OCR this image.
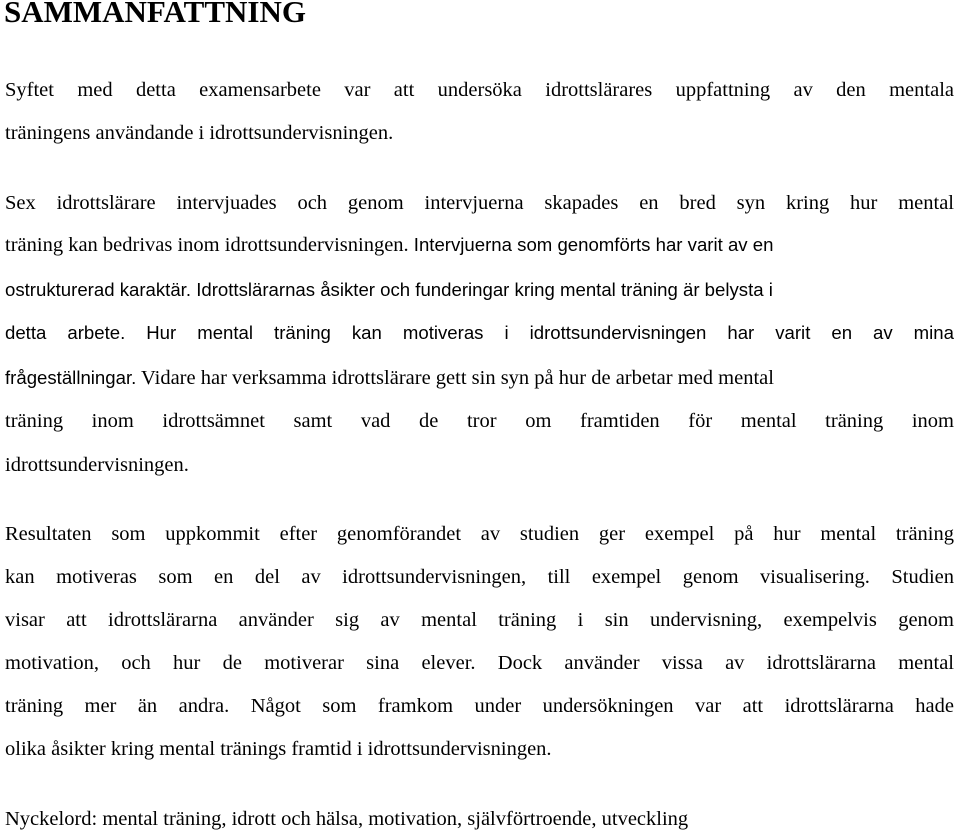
SAMMANFATTNING
Syftet med detta examensarbete var att undersöka idrottslärares uppfattning av den mentala
träningens användande i idrottsundervisningen.
Sex idrottslärare intervjuades och genom intervjuerna skapades en bred syn kring hur mental
träning kan bedrivas inom idrottsundervisningen. Intervjuerna som genomförts har varit av en
ostrukturerad karaktär. Idrottslärarnas åsikter och funderingar kring mental träning är belysta i
detta arbete. Hur mental träning kan motiveras i idrottsundervisningen har varit en av mina
frågeställningar. Vidare har verksamma idrottslärare gett sin syn på hur de arbetar med mental
träning inom idrottsämnet samt vad de tror om framtiden för mental träning inom
idrottsundervisningen.
Resultaten som uppkommit efter genomförandet av studien ger exempel på hur mental träning
kan motiveras som en del av idrottsundervisningen, till exempel genom visualisering. Studien
visar att idrottslärarna använder sig av mental träning i sin undervisning, exempelvis genom
motivation, och hur de motiverar sina elever. Dock använder vissa av idrottslärarna mental
träning mer än andra. Något som framkom under undersökningen var att idrottslärarna hade
olika åsikter kring mental tränings framtid i idrottsundervisningen.
Nyckelord: mental träning, idrott och hälsa, motivation, självförtroende, utveckling
